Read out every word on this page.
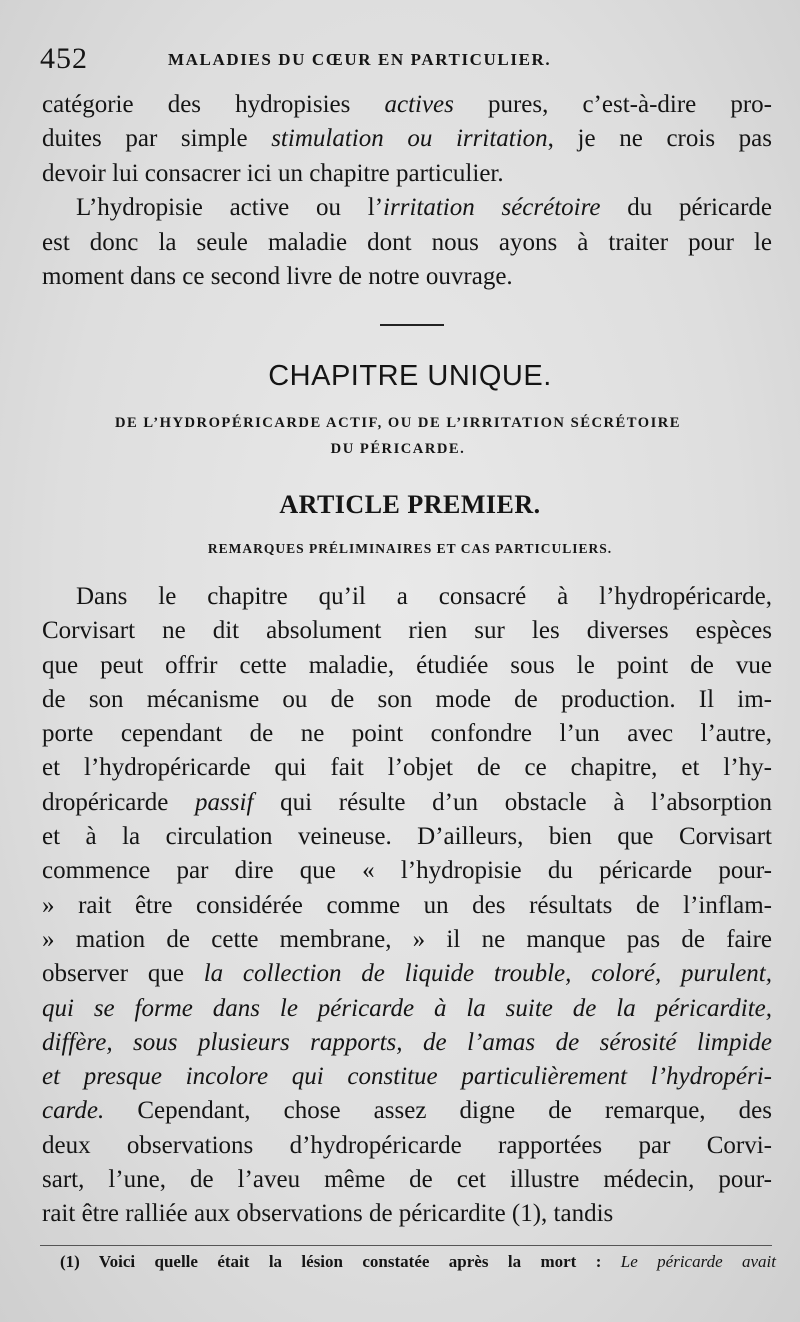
452	MALADIES DU CŒUR EN PARTICULIER.
catégorie des hydropisies actives pures, c’est-à-dire pro-
duites par simple stimulation ou irritation, je ne crois pas
devoir lui consacrer ici un chapitre particulier.
L’hydropisie active ou l’irritation sécrétoire du péricarde
est donc la seule maladie dont nous ayons à traiter pour le
moment dans ce second livre de notre ouvrage.
CHAPITRE UNIQUE.
DE L’HYDROPÉRICARDE ACTIF, OU DE L’IRRITATION SÉCRÉTOIRE
DU PÉRICARDE.
ARTICLE PREMIER.
REMARQUES PRÉLIMINAIRES ET CAS PARTICULIERS.
Dans le chapitre qu’il a consacré à l’hydropéricarde,
Corvisart ne dit absolument rien sur les diverses espèces
que peut offrir cette maladie, étudiée sous le point de vue
de son mécanisme ou de son mode de production. Il im-
porte cependant de ne point confondre l’un avec l’autre,
et l’hydropéricarde qui fait l’objet de ce chapitre, et l’hy-
dropéricarde passif qui résulte d’un obstacle à l’absorption
et à la circulation veineuse. D’ailleurs, bien que Corvisart
commence par dire que « l’hydropisie du péricarde pour-
» rait être considérée comme un des résultats de l’inflam-
» mation de cette membrane, » il ne manque pas de faire
observer que la collection de liquide trouble, coloré, purulent,
qui se forme dans le péricarde à la suite de la péricardite,
diffère, sous plusieurs rapports, de l’amas de sérosité limpide
et presque incolore qui constitue particulièrement l’hydropéri-
carde. Cependant, chose assez digne de remarque, des
deux observations d’hydropéricarde rapportées par Corvi-
sart, l’une, de l’aveu même de cet illustre médecin, pour-
rait être ralliée aux observations de péricardite (1), tandis
(1) Voici quelle était la lésion constatée après la mort : Le péricarde avait
